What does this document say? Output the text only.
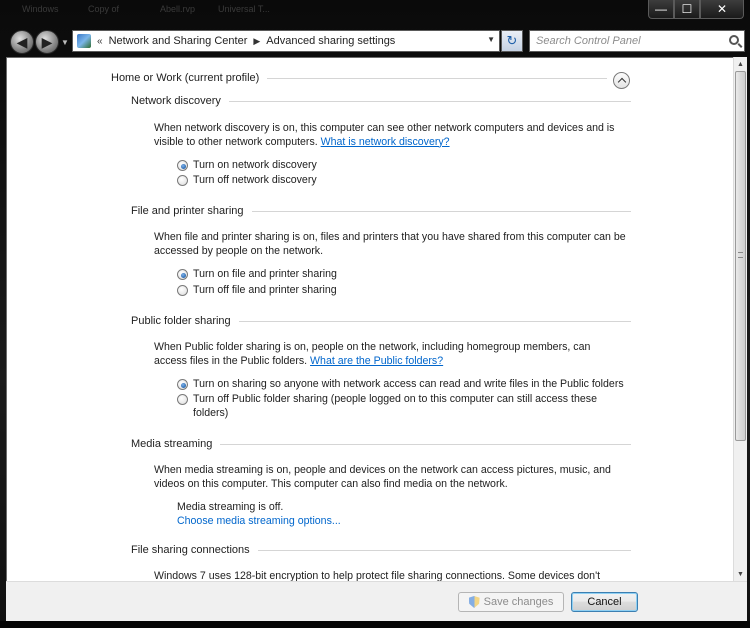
Windows	Copy of	Abell.rvp	Universal T...	—	☐	✕
◀	▶	▼	« Network and Sharing Center ▶ Advanced sharing settings	▼ ↻	Search Control Panel
Home or Work (current profile)
Network discovery
When network discovery is on, this computer can see other network computers and devices and is visible to other network computers. What is network discovery?
Turn on network discovery
Turn off network discovery
File and printer sharing
When file and printer sharing is on, files and printers that you have shared from this computer can be accessed by people on the network.
Turn on file and printer sharing
Turn off file and printer sharing
Public folder sharing
When Public folder sharing is on, people on the network, including homegroup members, can access files in the Public folders. What are the Public folders?
Turn on sharing so anyone with network access can read and write files in the Public folders
Turn off Public folder sharing (people logged on to this computer can still access these folders)
Media streaming
When media streaming is on, people and devices on the network can access pictures, music, and videos on this computer. This computer can also find media on the network.
Media streaming is off.
Choose media streaming options...
File sharing connections
Windows 7 uses 128-bit encryption to help protect file sharing connections. Some devices don't
▲
▼
Save changes	Cancel
